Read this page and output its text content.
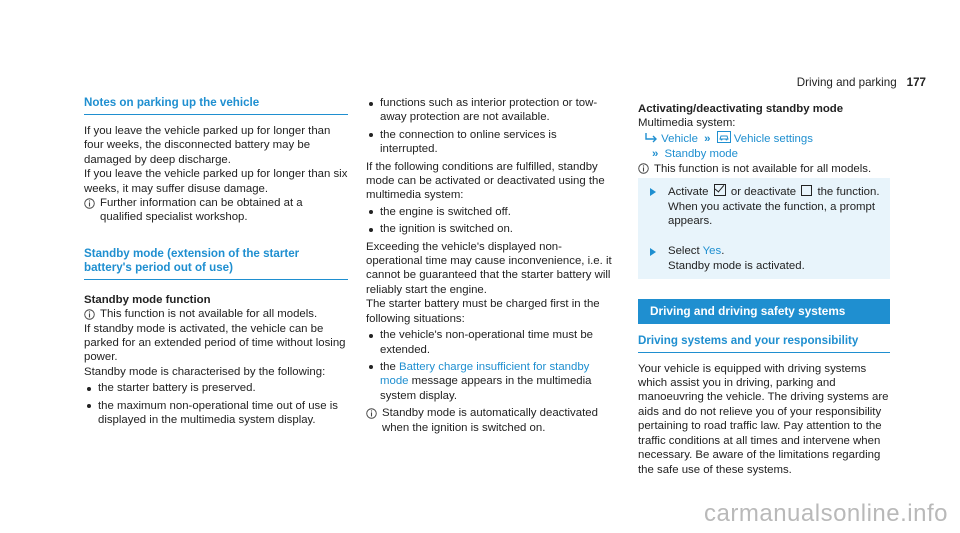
Driving and parking 177
Notes on parking up the vehicle

If you leave the vehicle parked up for longer than four weeks, the disconnected battery may be damaged by deep discharge.

If you leave the vehicle parked up for longer than six weeks, it may suffer disuse damage.

Further information can be obtained at a qualified specialist workshop.
Standby mode (extension of the starter battery's period out of use)

Standby mode function

This function is not available for all models.

If standby mode is activated, the vehicle can be parked for an extended period of time without losing power.

Standby mode is characterised by the following:

the starter battery is preserved.
the maximum non-operational time out of use is displayed in the multimedia system display.
functions such as interior protection or tow-away protection are not available.
the connection to online services is interrupted.

If the following conditions are fulfilled, standby mode can be activated or deactivated using the multimedia system:

the engine is switched off.
the ignition is switched on.

Exceeding the vehicle's displayed non-operational time may cause inconvenience, i.e. it cannot be guaranteed that the starter battery will reliably start the engine.

The starter battery must be charged first in the following situations:

the vehicle's non-operational time must be extended.
the Battery charge insufficient for standby mode message appears in the multimedia system display.
Standby mode is automatically deactivated when the ignition is switched on.

Activating/deactivating standby mode

Multimedia system:

Vehicle » Vehicle settings
» Standby mode
This function is not available for all models.
Activate or deactivate the function.
When you activate the function, a prompt appears.
Select Yes.
Standby mode is activated.
Driving and driving safety systems
Driving systems and your responsibility

Your vehicle is equipped with driving systems which assist you in driving, parking and manoeuvring the vehicle. The driving systems are aids and do not relieve you of your responsibility pertaining to road traffic law. Pay attention to the traffic conditions at all times and intervene when necessary. Be aware of the limitations regarding the safe use of these systems.

carmanualsonline.info
